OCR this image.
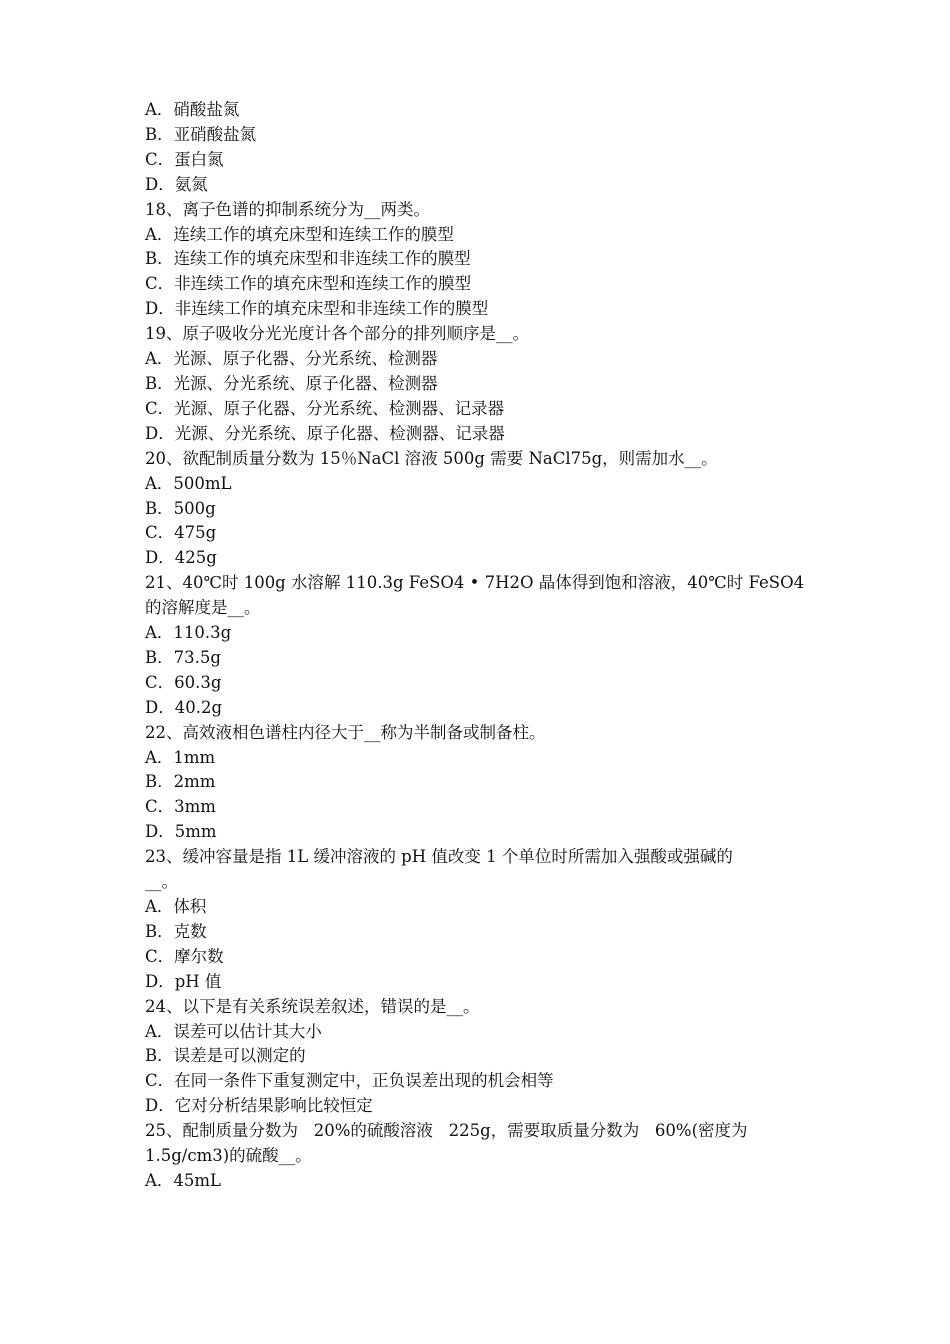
A．硝酸盐氮

B．亚硝酸盐氮

C．蛋白氮

D．氨氮

18、离子色谱的抑制系统分为__两类。

A．连续工作的填充床型和连续工作的膜型

B．连续工作的填充床型和非连续工作的膜型

C．非连续工作的填充床型和连续工作的膜型

D．非连续工作的填充床型和非连续工作的膜型

19、原子吸收分光光度计各个部分的排列顺序是__。

A．光源、原子化器、分光系统、检测器

B．光源、分光系统、原子化器、检测器

C．光源、原子化器、分光系统、检测器、记录器

D．光源、分光系统、原子化器、检测器、记录器

20、欲配制质量分数为 15％NaCl 溶液 500g 需要 NaCl75g，则需加水__。

A．500mL

B．500g

C．475g

D．425g

21、40℃时 100g 水溶解 110.3g FeSO4 • 7H2O 晶体得到饱和溶液，40℃时 FeSO4

的溶解度是__。

A．110.3g

B．73.5g

C．60.3g

D．40.2g

22、高效液相色谱柱内径大于__称为半制备或制备柱。

A．1mm

B．2mm

C．3mm

D．5mm

23、缓冲容量是指 1L 缓冲溶液的 pH 值改变 1 个单位时所需加入强酸或强碱的

__。

A．体积

B．克数

C．摩尔数

D．pH 值

24、以下是有关系统误差叙述，错误的是__。

A．误差可以估计其大小

B．误差是可以测定的

C．在同一条件下重复测定中，正负误差出现的机会相等

D．它对分析结果影响比较恒定

25、配制质量分数为   20%的硫酸溶液   225g，需要取质量分数为   60%(密度为

1.5g/cm3)的硫酸__。

A．45mL
